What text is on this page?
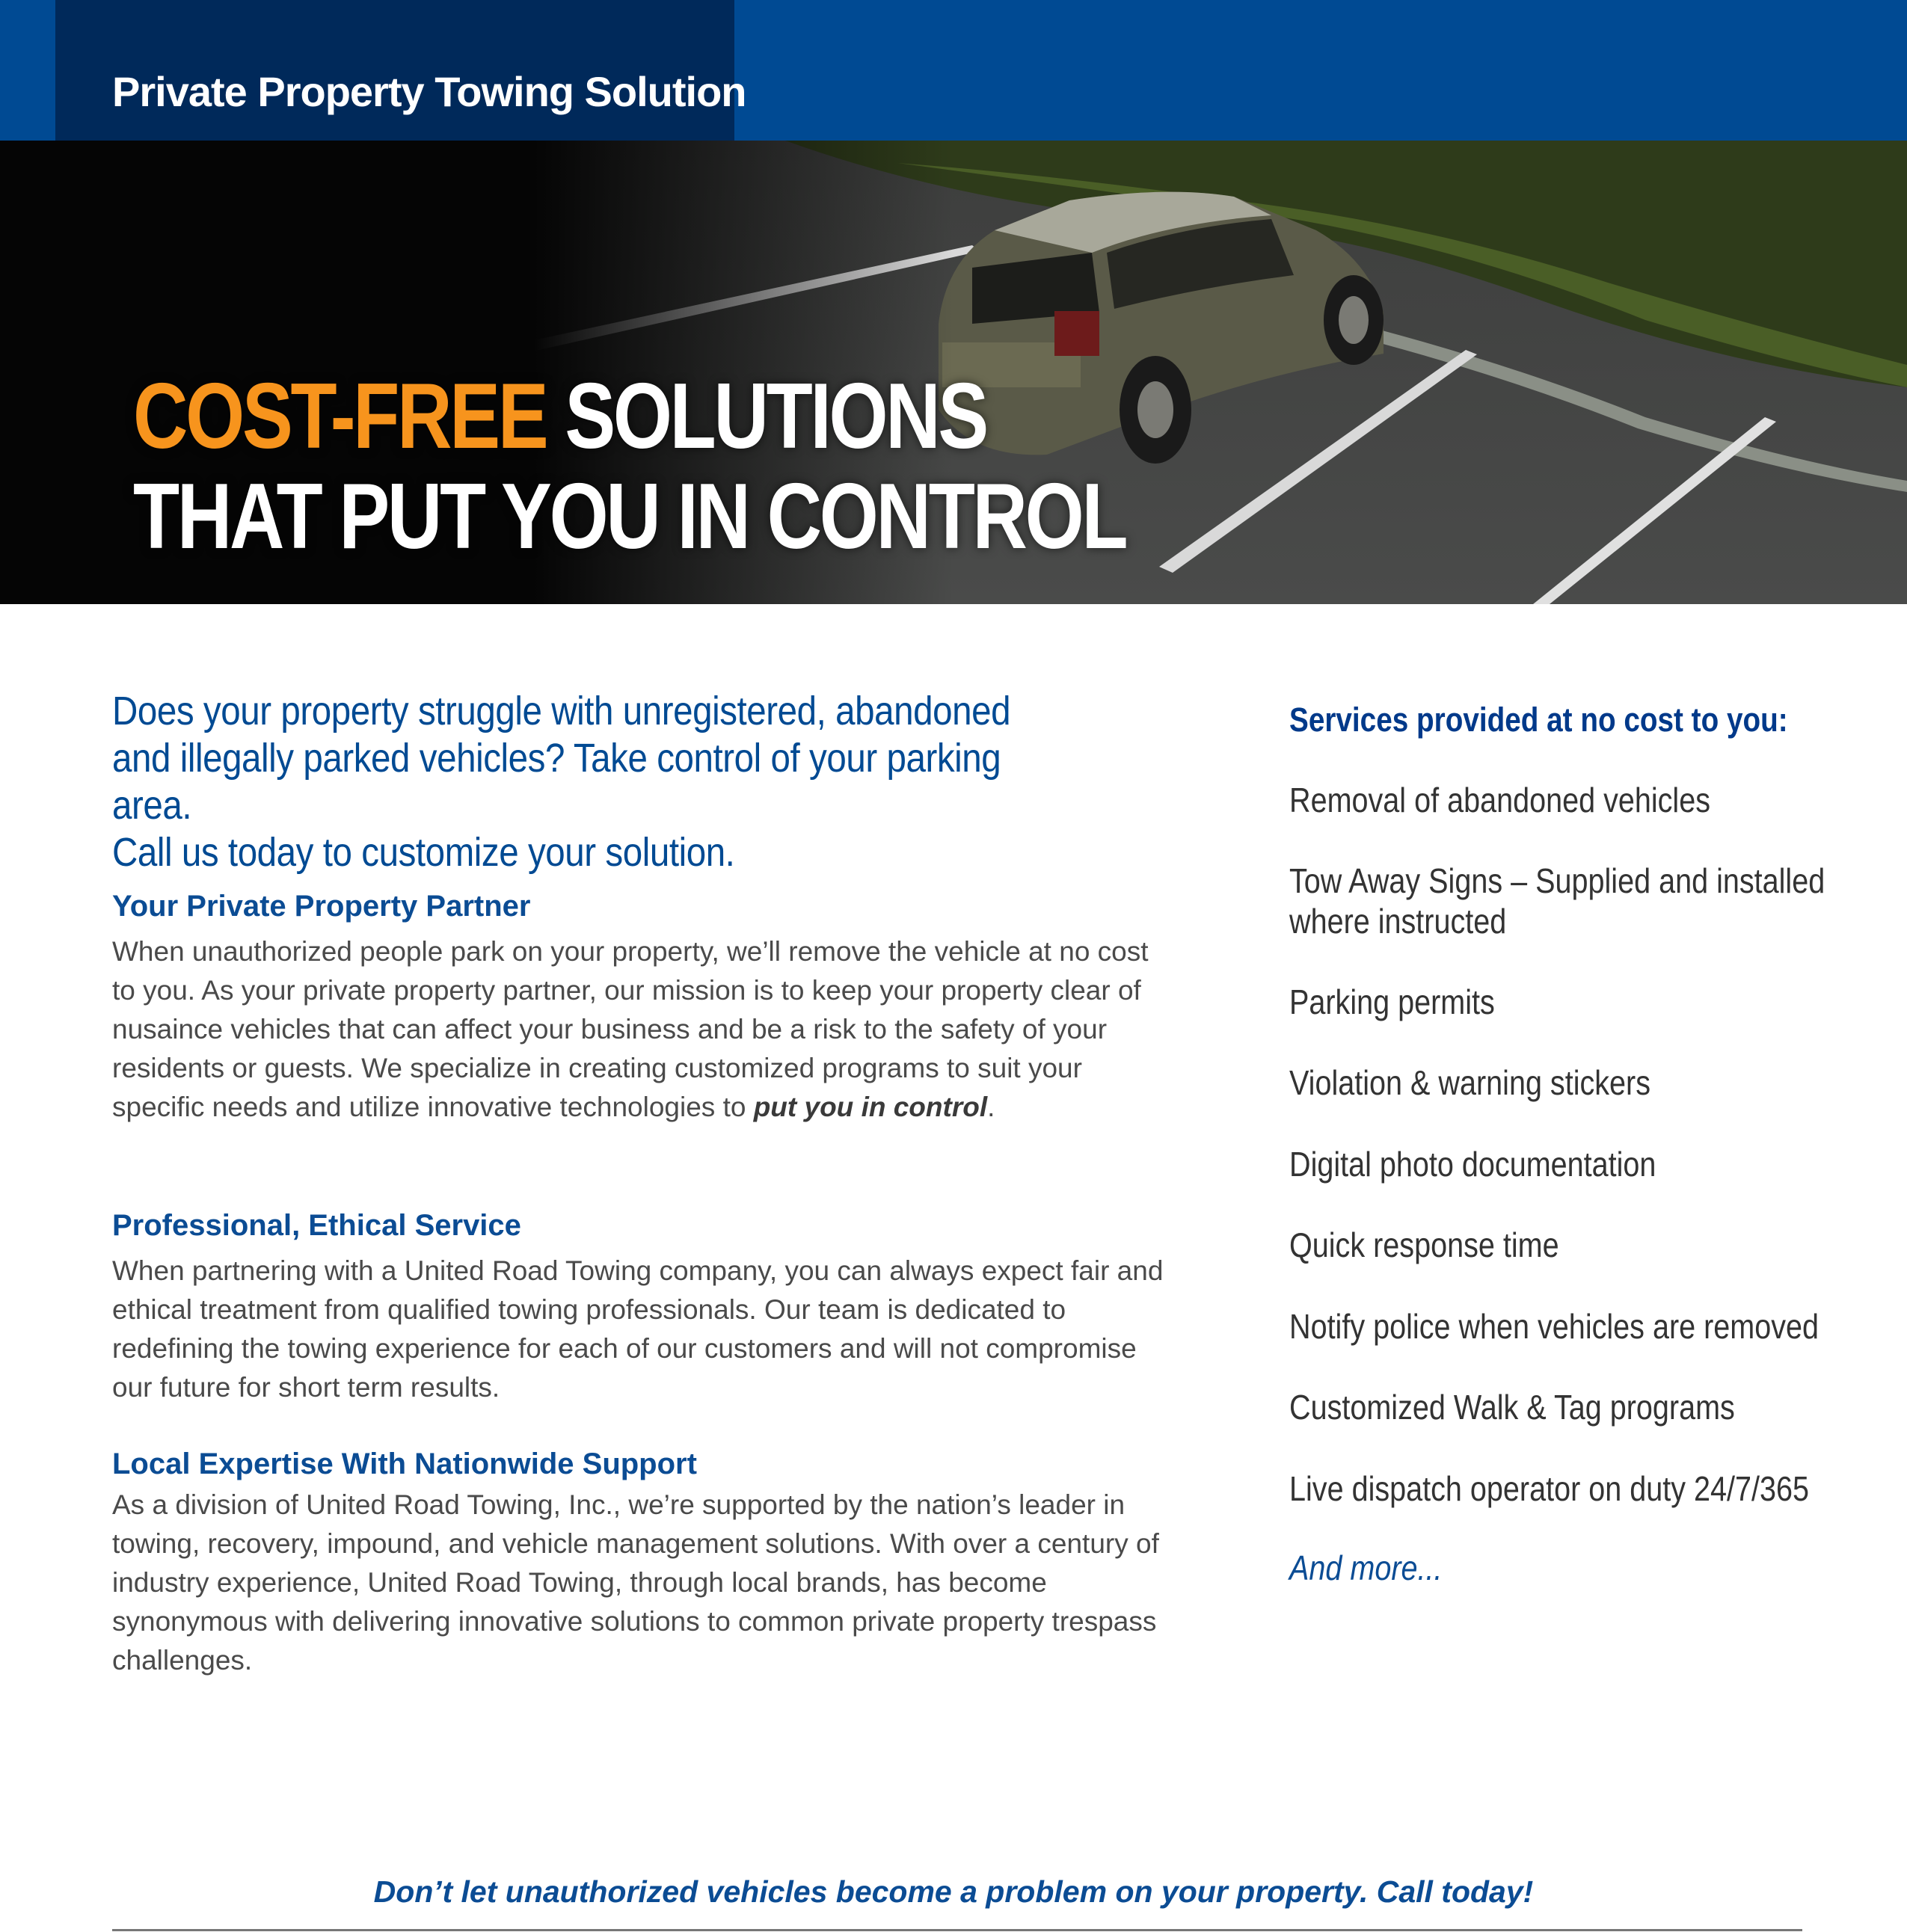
Private Property Towing Solution
COST-FREE SOLUTIONS
THAT PUT YOU IN CONTROL
Does your property struggle with unregistered, abandoned
and illegally parked vehicles? Take control of your parking area.
Call us today to customize your solution.
Your Private Property Partner
When unauthorized people park on your property, we’ll remove the vehicle at no cost to you. As your private property partner, our mission is to keep your property clear of nusaince vehicles that can affect your business and be a risk to the safety of your residents or guests. We specialize in creating customized programs to suit your specific needs and utilize innovative technologies to put you in control.
Professional, Ethical Service
When partnering with a United Road Towing company, you can always expect fair and ethical treatment from qualified towing professionals. Our team is dedicated to redefining the towing experience for each of our customers and will not compromise our future for short term results.
Local Expertise With Nationwide Support
As a division of United Road Towing, Inc., we’re supported by the nation’s leader in towing, recovery, impound, and vehicle management solutions. With over a century of industry experience, United Road Towing, through local brands, has become synonymous with delivering innovative solutions to common private property trespass challenges.
Services provided at no cost to you:
Removal of abandoned vehicles
Tow Away Signs – Supplied and installed where instructed
Parking permits
Violation & warning stickers
Digital photo documentation
Quick response time
Notify police when vehicles are removed
Customized Walk & Tag programs
Live dispatch operator on duty 24/7/365
And more...
Don’t let unauthorized vehicles become a problem on your property. Call today!
